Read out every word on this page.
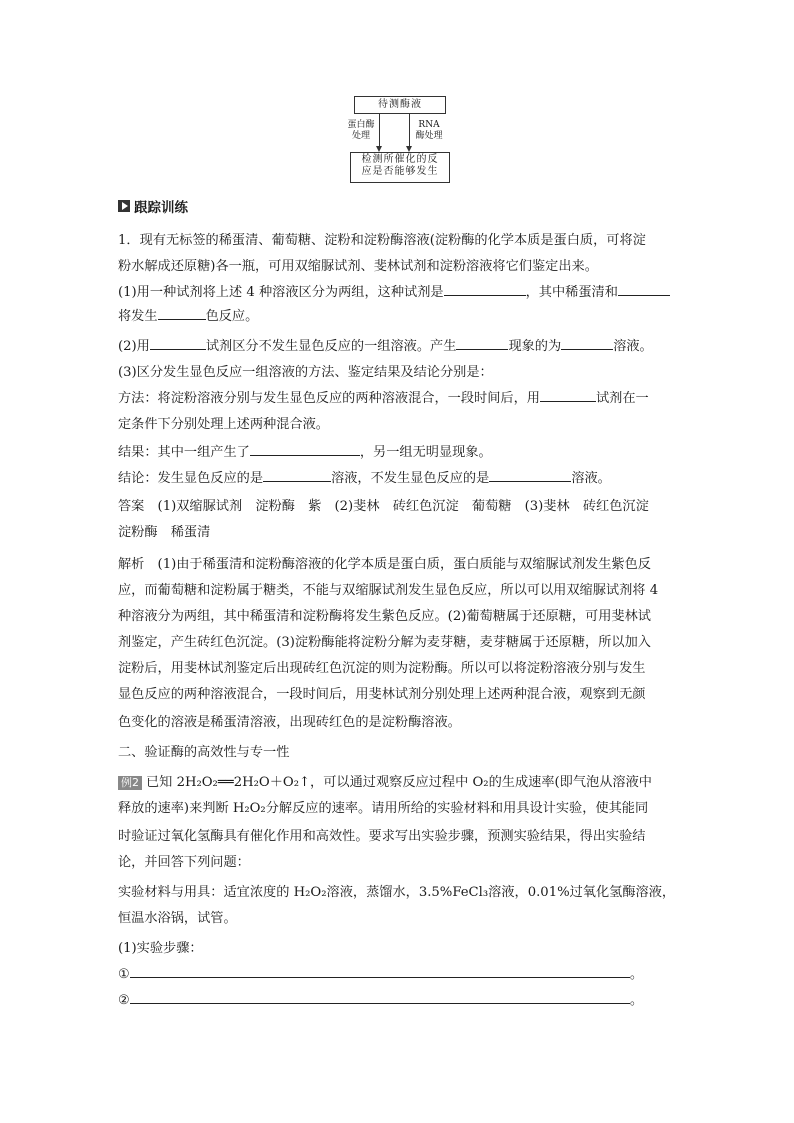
待测酶液
蛋白酶
处理
RNA
酶处理
检测所催化的反
应是否能够发生
跟踪训练
1．现有无标签的稀蛋清、葡萄糖、淀粉和淀粉酶溶液(淀粉酶的化学本质是蛋白质，可将淀
粉水解成还原糖)各一瓶，可用双缩脲试剂、斐林试剂和淀粉溶液将它们鉴定出来。
(1)用一种试剂将上述 4 种溶液区分为两组，这种试剂是	，其中稀蛋清和
将发生	色反应。
(2)用	试剂区分不发生显色反应的一组溶液。产生	现象的为	溶液。
(3)区分发生显色反应一组溶液的方法、鉴定结果及结论分别是：
方法：将淀粉溶液分别与发生显色反应的两种溶液混合，一段时间后，用	试剂在一
定条件下分别处理上述两种混合液。
结果：其中一组产生了	，另一组无明显现象。
结论：发生显色反应的是	溶液，不发生显色反应的是	溶液。
答案　(1)双缩脲试剂　淀粉酶　紫　(2)斐林　砖红色沉淀　葡萄糖　(3)斐林　砖红色沉淀
淀粉酶　稀蛋清
解析　(1)由于稀蛋清和淀粉酶溶液的化学本质是蛋白质，蛋白质能与双缩脲试剂发生紫色反
应，而葡萄糖和淀粉属于糖类，不能与双缩脲试剂发生显色反应，所以可以用双缩脲试剂将 4
种溶液分为两组，其中稀蛋清和淀粉酶将发生紫色反应。(2)葡萄糖属于还原糖，可用斐林试
剂鉴定，产生砖红色沉淀。(3)淀粉酶能将淀粉分解为麦芽糖，麦芽糖属于还原糖，所以加入
淀粉后，用斐林试剂鉴定后出现砖红色沉淀的则为淀粉酶。所以可以将淀粉溶液分别与发生
显色反应的两种溶液混合，一段时间后，用斐林试剂分别处理上述两种混合液，观察到无颜
色变化的溶液是稀蛋清溶液，出现砖红色的是淀粉酶溶液。
二、验证酶的高效性与专一性
例2 已知 2H₂O₂══2H₂O＋O₂↑，可以通过观察反应过程中 O₂的生成速率(即气泡从溶液中
释放的速率)来判断 H₂O₂分解反应的速率。请用所给的实验材料和用具设计实验，使其能同
时验证过氧化氢酶具有催化作用和高效性。要求写出实验步骤，预测实验结果，得出实验结
论，并回答下列问题：
实验材料与用具：适宜浓度的 H₂O₂溶液，蒸馏水，3.5%FeCl₃溶液，0.01%过氧化氢酶溶液，
恒温水浴锅，试管。
(1)实验步骤：
①	。
②	。
